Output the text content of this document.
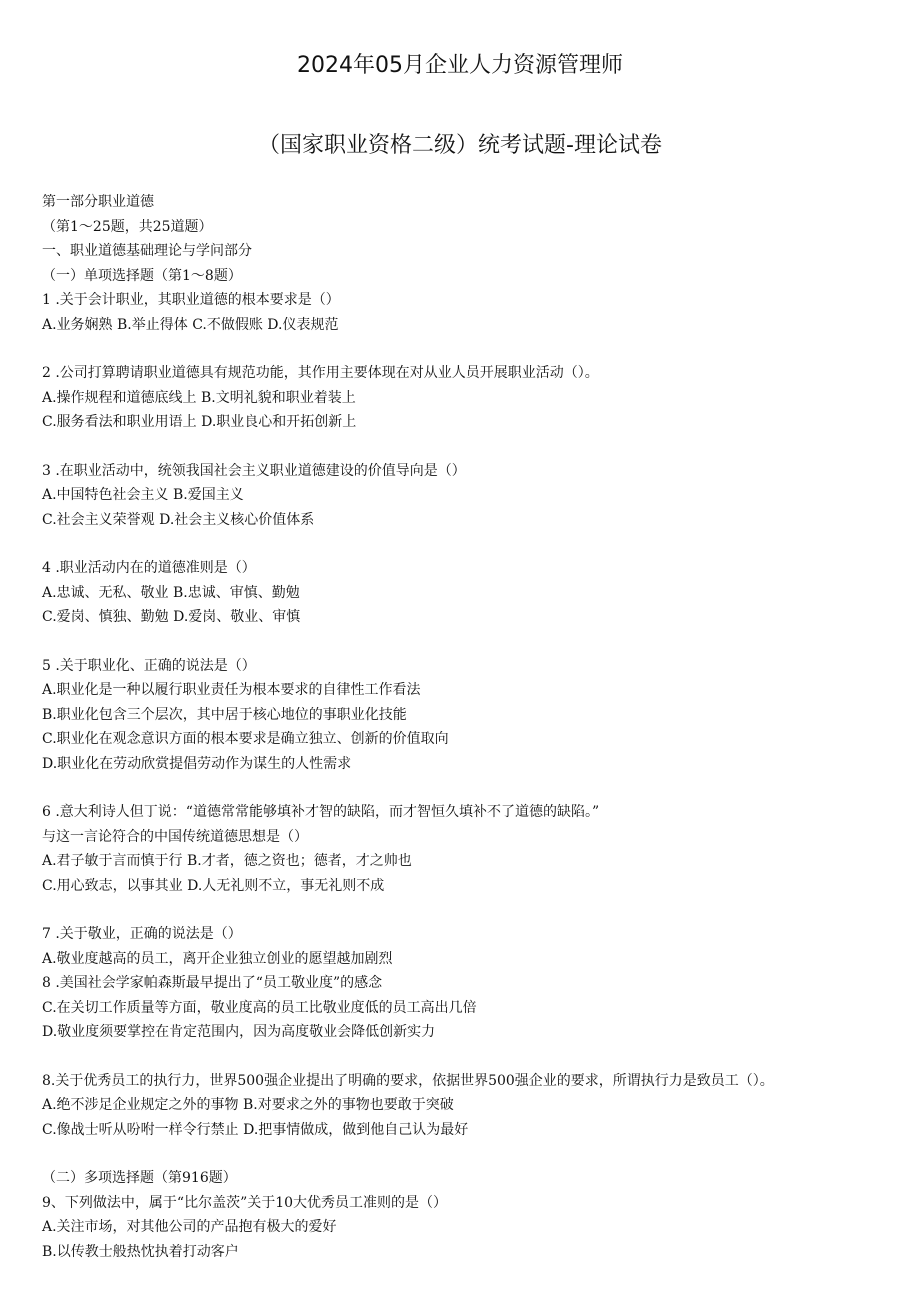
2024年05月企业人力资源管理师
（国家职业资格二级）统考试题-理论试卷
第一部分职业道德
（第1～25题，共25道题）
一、职业道德基础理论与学问部分
（一）单项选择题（第1～8题）
1 .关于会计职业，其职业道德的根本要求是（）
A.业务娴熟 B.举止得体 C.不做假账 D.仪表规范
2 .公司打算聘请职业道德具有规范功能，其作用主要体现在对从业人员开展职业活动（）。
A.操作规程和道德底线上 B.文明礼貌和职业着装上
C.服务看法和职业用语上 D.职业良心和开拓创新上
3 .在职业活动中，统领我国社会主义职业道德建设的价值导向是（）
A.中国特色社会主义 B.爱国主义
C.社会主义荣誉观 D.社会主义核心价值体系
4 .职业活动内在的道德准则是（）
A.忠诚、无私、敬业 B.忠诚、审慎、勤勉
C.爱岗、慎独、勤勉 D.爱岗、敬业、审慎
5 .关于职业化、正确的说法是（）
A.职业化是一种以履行职业责任为根本要求的自律性工作看法
B.职业化包含三个层次，其中居于核心地位的事职业化技能
C.职业化在观念意识方面的根本要求是确立独立、创新的价值取向
D.职业化在劳动欣赏提倡劳动作为谋生的人性需求
6 .意大利诗人但丁说：“道德常常能够填补才智的缺陷，而才智恒久填补不了道德的缺陷。”
与这一言论符合的中国传统道德思想是（）
A.君子敏于言而慎于行 B.才者，德之资也；德者，才之帅也
C.用心致志，以事其业 D.人无礼则不立，事无礼则不成
7 .关于敬业，正确的说法是（）
A.敬业度越高的员工，离开企业独立创业的愿望越加剧烈
8 .美国社会学家帕森斯最早提出了“员工敬业度”的感念
C.在关切工作质量等方面，敬业度高的员工比敬业度低的员工高出几倍
D.敬业度须要掌控在肯定范围内，因为高度敬业会降低创新实力
8.关于优秀员工的执行力，世界500强企业提出了明确的要求，依据世界500强企业的要求，所谓执行力是致员工（）。
A.绝不涉足企业规定之外的事物 B.对要求之外的事物也要敢于突破
C.像战士听从吩咐一样令行禁止 D.把事情做成，做到他自己认为最好
（二）多项选择题（第916题）
9、下列做法中，属于“比尔盖茨”关于10大优秀员工准则的是（）
A.关注市场，对其他公司的产品抱有极大的爱好
B.以传教士般热忱执着打动客户
